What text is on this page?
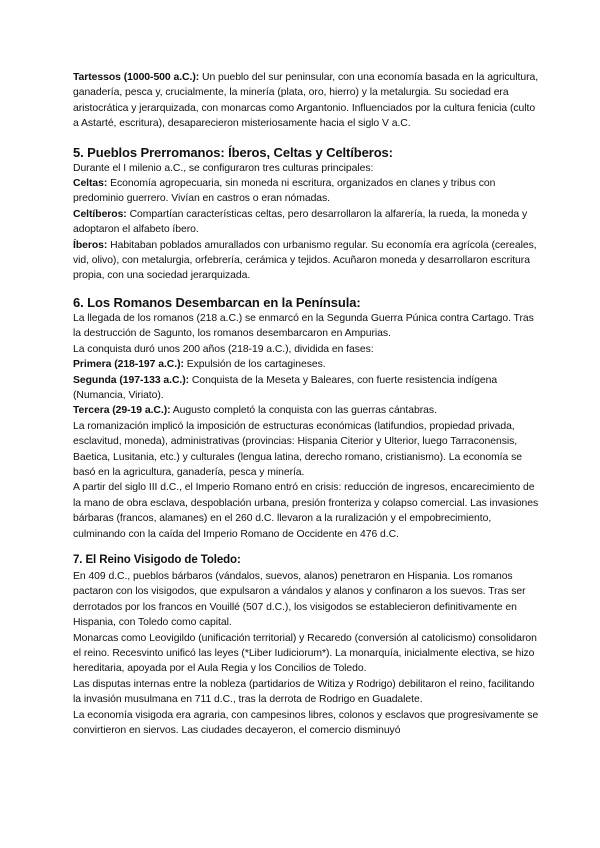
Tartessos (1000-500 a.C.): Un pueblo del sur peninsular, con una economía basada en la agricultura, ganadería, pesca y, crucialmente, la minería (plata, oro, hierro) y la metalurgia. Su sociedad era aristocrática y jerarquizada, con monarcas como Argantonio. Influenciados por la cultura fenicia (culto a Astarté, escritura), desaparecieron misteriosamente hacia el siglo V a.C.

5. Pueblos Prerromanos: Íberos, Celtas y Celtíberos:

Durante el I milenio a.C., se configuraron tres culturas principales:

Celtas: Economía agropecuaria, sin moneda ni escritura, organizados en clanes y tribus con predominio guerrero. Vivían en castros o eran nómadas.

Celtíberos: Compartían características celtas, pero desarrollaron la alfarería, la rueda, la moneda y adoptaron el alfabeto íbero.

Íberos: Habitaban poblados amurallados con urbanismo regular. Su economía era agrícola (cereales, vid, olivo), con metalurgia, orfebrería, cerámica y tejidos. Acuñaron moneda y desarrollaron escritura propia, con una sociedad jerarquizada.

6. Los Romanos Desembarcan en la Península:

La llegada de los romanos (218 a.C.) se enmarcó en la Segunda Guerra Púnica contra Cartago. Tras la destrucción de Sagunto, los romanos desembarcaron en Ampurias.

La conquista duró unos 200 años (218-19 a.C.), dividida en fases:

Primera (218-197 a.C.): Expulsión de los cartagineses.

Segunda (197-133 a.C.): Conquista de la Meseta y Baleares, con fuerte resistencia indígena (Numancia, Viriato).

Tercera (29-19 a.C.): Augusto completó la conquista con las guerras cántabras.

La romanización implicó la imposición de estructuras económicas (latifundios, propiedad privada, esclavitud, moneda), administrativas (provincias: Hispania Citerior y Ulterior, luego Tarraconensis, Baetica, Lusitania, etc.) y culturales (lengua latina, derecho romano, cristianismo). La economía se basó en la agricultura, ganadería, pesca y minería.

A partir del siglo III d.C., el Imperio Romano entró en crisis: reducción de ingresos, encarecimiento de la mano de obra esclava, despoblación urbana, presión fronteriza y colapso comercial. Las invasiones bárbaras (francos, alamanes) en el 260 d.C. llevaron a la ruralización y el empobrecimiento, culminando con la caída del Imperio Romano de Occidente en 476 d.C.

7. El Reino Visigodo de Toledo:

En 409 d.C., pueblos bárbaros (vándalos, suevos, alanos) penetraron en Hispania. Los romanos pactaron con los visigodos, que expulsaron a vándalos y alanos y confinaron a los suevos. Tras ser derrotados por los francos en Vouillé (507 d.C.), los visigodos se establecieron definitivamente en Hispania, con Toledo como capital.

Monarcas como Leovigildo (unificación territorial) y Recaredo (conversión al catolicismo) consolidaron el reino. Recesvinto unificó las leyes (*Liber Iudiciorum*). La monarquía, inicialmente electiva, se hizo hereditaria, apoyada por el Aula Regia y los Concilios de Toledo.

Las disputas internas entre la nobleza (partidarios de Witiza y Rodrigo) debilitaron el reino, facilitando la invasión musulmana en 711 d.C., tras la derrota de Rodrigo en Guadalete.

La economía visigoda era agraria, con campesinos libres, colonos y esclavos que progresivamente se convirtieron en siervos. Las ciudades decayeron, el comercio disminuyó
